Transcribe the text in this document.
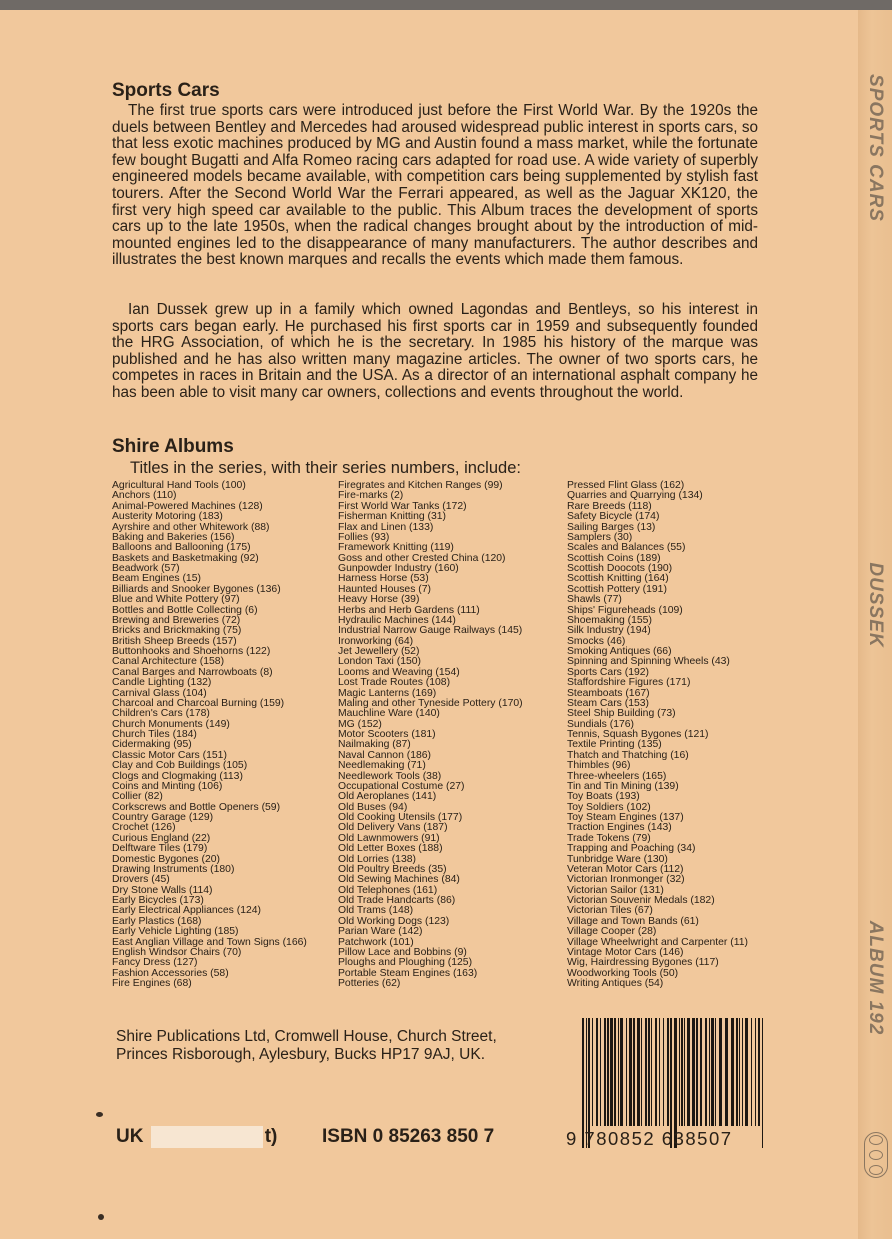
SPORTS CARS
DUSSEK
ALBUM 192
Sports Cars

The first true sports cars were introduced just before the First World War. By the 1920s the duels between Bentley and Mercedes had aroused widespread public interest in sports cars, so that less exotic machines produced by MG and Austin found a mass market, while the fortunate few bought Bugatti and Alfa Romeo racing cars adapted for road use. A wide variety of superbly engineered models became available, with competition cars being supplemented by stylish fast tourers. After the Second World War the Ferrari appeared, as well as the Jaguar XK120, the first very high speed car available to the public. This Album traces the development of sports cars up to the late 1950s, when the radical changes brought about by the introduction of mid-mounted engines led to the disappearance of many manufacturers. The author describes and illustrates the best known marques and recalls the events which made them famous.

Ian Dussek grew up in a family which owned Lagondas and Bentleys, so his interest in sports cars began early. He purchased his first sports car in 1959 and subsequently founded the HRG Association, of which he is the secretary. In 1985 his history of the marque was published and he has also written many magazine articles. The owner of two sports cars, he competes in races in Britain and the USA. As a director of an international asphalt company he has been able to visit many car owners, collections and events throughout the world.

Shire Albums
Titles in the series, with their series numbers, include:
Agricultural Hand Tools (100)
Anchors (110)
Animal-Powered Machines (128)
Austerity Motoring (183)
Ayrshire and other Whitework (88)
Baking and Bakeries (156)
Balloons and Ballooning (175)
Baskets and Basketmaking (92)
Beadwork (57)
Beam Engines (15)
Billiards and Snooker Bygones (136)
Blue and White Pottery (97)
Bottles and Bottle Collecting (6)
Brewing and Breweries (72)
Bricks and Brickmaking (75)
British Sheep Breeds (157)
Buttonhooks and Shoehorns (122)
Canal Architecture (158)
Canal Barges and Narrowboats (8)
Candle Lighting (132)
Carnival Glass (104)
Charcoal and Charcoal Burning (159)
Children's Cars (178)
Church Monuments (149)
Church Tiles (184)
Cidermaking (95)
Classic Motor Cars (151)
Clay and Cob Buildings (105)
Clogs and Clogmaking (113)
Coins and Minting (106)
Collier (82)
Corkscrews and Bottle Openers (59)
Country Garage (129)
Crochet (126)
Curious England (22)
Delftware Tiles (179)
Domestic Bygones (20)
Drawing Instruments (180)
Drovers (45)
Dry Stone Walls (114)
Early Bicycles (173)
Early Electrical Appliances (124)
Early Plastics (168)
Early Vehicle Lighting (185)
East Anglian Village and Town Signs (166)
English Windsor Chairs (70)
Fancy Dress (127)
Fashion Accessories (58)
Fire Engines (68)
Firegrates and Kitchen Ranges (99)
Fire-marks (2)
First World War Tanks (172)
Fisherman Knitting (31)
Flax and Linen (133)
Follies (93)
Framework Knitting (119)
Goss and other Crested China (120)
Gunpowder Industry (160)
Harness Horse (53)
Haunted Houses (7)
Heavy Horse (39)
Herbs and Herb Gardens (111)
Hydraulic Machines (144)
Industrial Narrow Gauge Railways (145)
Ironworking (64)
Jet Jewellery (52)
London Taxi (150)
Looms and Weaving (154)
Lost Trade Routes (108)
Magic Lanterns (169)
Maling and other Tyneside Pottery (170)
Mauchline Ware (140)
MG (152)
Motor Scooters (181)
Nailmaking (87)
Naval Cannon (186)
Needlemaking (71)
Needlework Tools (38)
Occupational Costume (27)
Old Aeroplanes (141)
Old Buses (94)
Old Cooking Utensils (177)
Old Delivery Vans (187)
Old Lawnmowers (91)
Old Letter Boxes (188)
Old Lorries (138)
Old Poultry Breeds (35)
Old Sewing Machines (84)
Old Telephones (161)
Old Trade Handcarts (86)
Old Trams (148)
Old Working Dogs (123)
Parian Ware (142)
Patchwork (101)
Pillow Lace and Bobbins (9)
Ploughs and Ploughing (125)
Portable Steam Engines (163)
Potteries (62)
Pressed Flint Glass (162)
Quarries and Quarrying (134)
Rare Breeds (118)
Safety Bicycle (174)
Sailing Barges (13)
Samplers (30)
Scales and Balances (55)
Scottish Coins (189)
Scottish Doocots (190)
Scottish Knitting (164)
Scottish Pottery (191)
Shawls (77)
Ships' Figureheads (109)
Shoemaking (155)
Silk Industry (194)
Smocks (46)
Smoking Antiques (66)
Spinning and Spinning Wheels (43)
Sports Cars (192)
Staffordshire Figures (171)
Steamboats (167)
Steam Cars (153)
Steel Ship Building (73)
Sundials (176)
Tennis, Squash Bygones (121)
Textile Printing (135)
Thatch and Thatching (16)
Thimbles (96)
Three-wheelers (165)
Tin and Tin Mining (139)
Toy Boats (193)
Toy Soldiers (102)
Toy Steam Engines (137)
Traction Engines (143)
Trade Tokens (79)
Trapping and Poaching (34)
Tunbridge Ware (130)
Veteran Motor Cars (112)
Victorian Ironmonger (32)
Victorian Sailor (131)
Victorian Souvenir Medals (182)
Victorian Tiles (67)
Village and Town Bands (61)
Village Cooper (28)
Village Wheelwright and Carpenter (11)
Vintage Motor Cars (146)
Wig, Hairdressing Bygones (117)
Woodworking Tools (50)
Writing Antiques (54)
Shire Publications Ltd, Cromwell House, Church Street, Princes Risborough, Aylesbury, Bucks HP17 9AJ, UK.
UK	t) ISBN 0 85263 850 7	9 780852 638507
